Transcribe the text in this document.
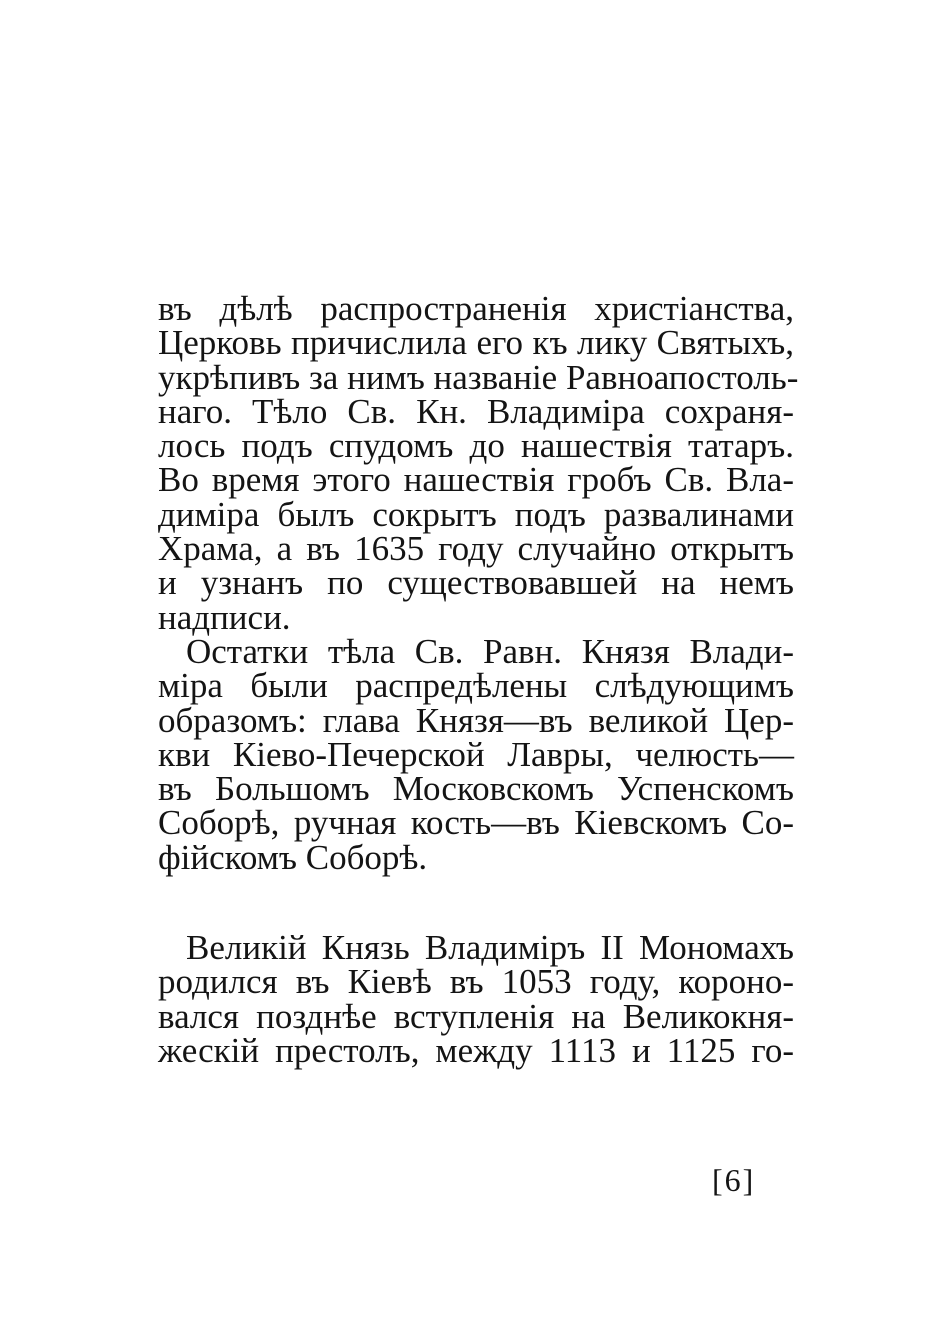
въ дѣлѣ распространенія христіанства,
Церковь причислила его къ лику Святыхъ,
укрѣпивъ за нимъ названіе Равноапостоль-
наго. Тѣло Св. Кн. Владиміра сохраня-
лось подъ спудомъ до нашествія татаръ.
Во время этого нашествія гробъ Св. Вла-
диміра былъ сокрытъ подъ развалинами
Храма, а въ 1635 году случайно открытъ
и узнанъ по существовавшей на немъ
надписи.
Остатки тѣла Св. Равн. Князя Влади-
міра были распредѣлены слѣдующимъ
образомъ: глава Князя—въ великой Цер-
кви Кіево-Печерской Лавры, челюсть—
въ Большомъ Московскомъ Успенскомъ
Соборѣ, ручная кость—въ Кіевскомъ Со-
фійскомъ Соборѣ.
Великій Князь Владиміръ II Мономахъ
родился въ Кіевѣ въ 1053 году, короно-
вался позднѣе вступленія на Великокня-
жескій престолъ, между 1113 и 1125 го-
[6]
